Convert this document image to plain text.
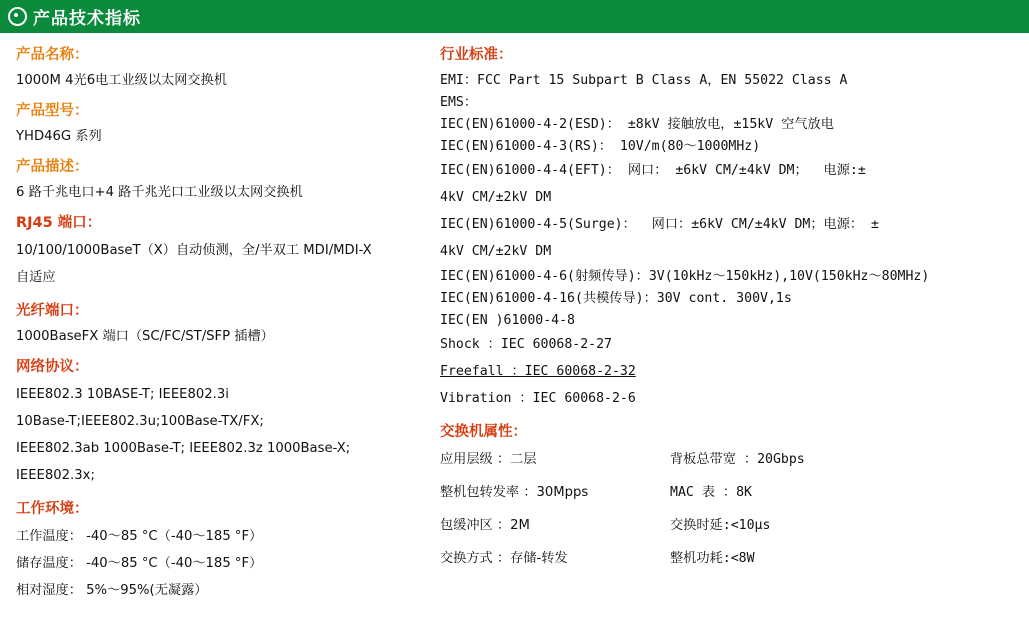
产品技术指标
产品名称：
1000M 4光6电工业级以太网交换机
产品型号：
YHD46G 系列
产品描述：
6 路千兆电口+4 路千兆光口工业级以太网交换机
RJ45 端口：
10/100/1000BaseT（X）自动侦测，全/半双工 MDI/MDI-X
自适应
光纤端口：
1000BaseFX 端口（SC/FC/ST/SFP 插槽）
网络协议：
IEEE802.3 10BASE-T; IEEE802.3i
10Base-T;IEEE802.3u;100Base-TX/FX;
IEEE802.3ab 1000Base-T; IEEE802.3z 1000Base-X;
IEEE802.3x;
工作环境：
工作温度： -40～85 °C（-40～185 °F）
储存温度： -40～85 °C（-40～185 °F）
相对湿度： 5%～95%(无凝露）
行业标准：
EMI：FCC Part 15 Subpart B Class A，EN 55022 Class A
EMS：
IEC(EN)61000-4-2(ESD)： ±8kV 接触放电，±15kV 空气放电
IEC(EN)61000-4-3(RS)： 10V/m(80～1000MHz)
IEC(EN)61000-4-4(EFT)： 网口： ±6kV CM/±4kV DM；  电源:±
4kV CM/±2kV DM
IEC(EN)61000-4-5(Surge)：  网口：±6kV CM/±4kV DM；电源： ±
4kV CM/±2kV DM
IEC(EN)61000-4-6(射频传导)：3V(10kHz～150kHz),10V(150kHz～80MHz)
IEC(EN)61000-4-16(共模传导)：30V cont. 300V,1s
IEC(EN )61000-4-8
Shock ：IEC 60068-2-27
Freefall ：IEC 60068-2-32
Vibration ：IEC 60068-2-6
交换机属性：
应用层级 ：二层	背板总带宽 ：20Gbps
整机包转发率 ：30Mpps	MAC 表 ：8K
包缓冲区 ：2M	交换时延:<10μs
交换方式 ：存储-转发	整机功耗:<8W
